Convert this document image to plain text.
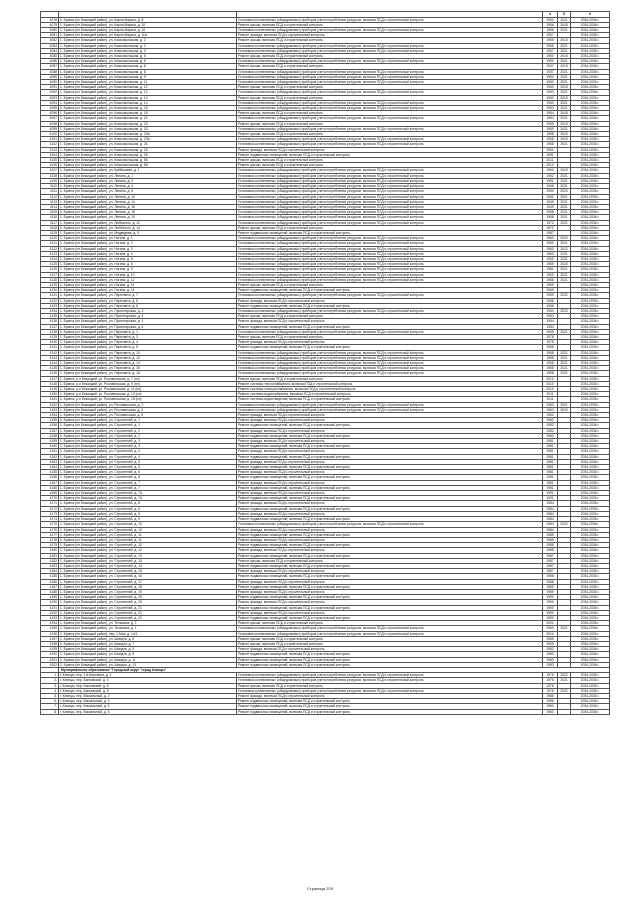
			4	5	6
4078	1. Брянск (пл Бежицкий район), ул. Карла Маркса, д. 8	Установка коллективных (общедомовых) приборов учета потребления ресурсов, включая ПСД и строительный контроль	1952	2021	2034-2036 г.
4079	1. Брянск (пл Бежицкий район), ул. Карла Маркса, д. 10	Ремонт крыши, включая ПСД и строительный контроль	1956	2015	2034-2036 г.
4080	1. Брянск (пл Бежицкий район), ул. Карла Маркса, д. 10	Установка коллективных (общедомовых) приборов учета потребления ресурсов, включая ПСД и строительный контроль	1956	2021	2034-2036 г.
4081	1. Брянск (пл Бежицкий район), ул. Карла Маркса, д. 11А	Ремонт фасада, включая ПСД и строительный контроль	1957		2034-2036 г.
4082	1. Брянск (пл Бежицкий район), ул. Комсомольская, д. 2	Ремонт крыши, включая ПСД и строительный контроль	1955	2015	2034-2036 г.
4083	1. Брянск (пл Бежицкий район), ул. Комсомольская, д. 2	Установка коллективных (общедомовых) приборов учета потребления ресурсов, включая ПСД и строительный контроль	1955	2021	2034-2036 г.
4084	1. Брянск (пл Бежицкий район), ул. Комсомольская, д. 3	Установка коллективных (общедомовых) приборов учета потребления ресурсов, включая ПСД и строительный контроль	1957	2021	2034-2036 г.
4085	1. Брянск (пл Бежицкий район), ул. Комсомольская, д. 5	Ремонт крыши, включая ПСД и строительный контроль	1950	2015	2034-2036 г.
4086	1. Брянск (пл Бежицкий район), ул. Комсомольская, д. 5	Установка коллективных (общедомовых) приборов учета потребления ресурсов, включая ПСД и строительный контроль	1950	2021	2034-2036 г.
4087	1. Брянск (пл Бежицкий район), ул. Комсомольская, д. 8	Ремонт крыши, включая ПСД и строительный контроль	1937	2015	2034-2036 г.
4088	1. Брянск (пл Бежицкий район), ул. Комсомольская, д. 8	Установка коллективных (общедомовых) приборов учета потребления ресурсов, включая ПСД и строительный контроль	1937	2021	2034-2036 г.
4089	1. Брянск (пл Бежицкий район), ул. Комсомольская, д. 9	Установка коллективных (общедомовых) приборов учета потребления ресурсов, включая ПСД и строительный контроль	1954	2021	2034-2036 г.
4090	1. Брянск (пл Бежицкий район), ул. Комсомольская, д. 11	Установка коллективных (общедомовых) приборов учета потребления ресурсов, включая ПСД и строительный контроль	1953	2021	2034-2036 г.
4091	1. Брянск (пл Бежицкий район), ул. Комсомольская, д. 12	Ремонт крыши, включая ПСД и строительный контроль	1953	2015	2034-2036 г.
4092	1. Брянск (пл Бежицкий район), ул. Комсомольская, д. 12	Установка коллективных (общедомовых) приборов учета потребления ресурсов, включая ПСД и строительный контроль	1953	2021	2034-2036 г.
4093	1. Брянск (пл Бежицкий район), ул. Комсомольская, д. 14	Ремонт крыши, включая ПСД и строительный контроль	1953	2015	2034-2036 г.
4094	1. Брянск (пл Бежицкий район), ул. Комсомольская, д. 14	Установка коллективных (общедомовых) приборов учета потребления ресурсов, включая ПСД и строительный контроль	1953	2021	2034-2036 г.
4095	1. Брянск (пл Бежицкий район), ул. Комсомольская, д. 16	Установка коллективных (общедомовых) приборов учета потребления ресурсов, включая ПСД и строительный контроль	1953	2021	2034-2036 г.
4096	1. Брянск (пл Бежицкий район), ул. Комсомольская, д. 18	Ремонт крыши, включая ПСД и строительный контроль	1954	2015	2034-2036 г.
4097	1. Брянск (пл Бежицкий район), ул. Комсомольская, д. 20	Установка коллективных (общедомовых) приборов учета потребления ресурсов, включая ПСД и строительный контроль	1954	2021	2034-2036 г.
4098	1. Брянск (пл Бежицкий район), ул. Комсомольская, д. 22	Ремонт крыши, включая ПСД и строительный контроль	1959	2015	2034-2036 г.
4099	1. Брянск (пл Бежицкий район), ул. Комсомольская, д. 23	Установка коллективных (общедомовых) приборов учета потребления ресурсов, включая ПСД и строительный контроль	1959	2021	2034-2036 г.
4100	1. Брянск (пл Бежицкий район), ул. Комсомольская, д. 23А	Ремонт крыши, включая ПСД и строительный контроль	1958	2015	2034-2036 г.
4101	1. Брянск (пл Бежицкий район), ул. Комсомольская, д. 23А	Установка коллективных (общедомовых) приборов учета потребления ресурсов, включая ПСД и строительный контроль	1958	2020	2034-2036 г.
4102	1. Брянск (пл Бежицкий район), ул. Комсомольская, д. 24	Установка коллективных (общедомовых) приборов учета потребления ресурсов, включая ПСД и строительный контроль	1958	2021	2034-2036 г.
4103	1. Брянск (пл Бежицкий район), ул. Комсомольская, д. 26	Ремонт фасада, включая ПСД и строительный контроль	1991		2034-2036 г.
4104	1. Брянск (пл Бежицкий район), ул. Комсомольская, д. 26	Ремонт подвальных помещений, включая ПСД и строительный контроль	1991		2034-2036 г.
4105	1. Брянск (пл Бежицкий район), ул. Комсомольская, д. 56	Ремонт крыши, включая ПСД и строительный контроль	2011		2034-2036 г.
4106	1. Брянск (пл Бежицкий район), ул. Комсомольская, д. 58	Ремонт крыши, включая ПСД и строительный контроль	2010		2034-2036 г.
4107	1. Брянск (пл Бежицкий район), ул. Куйбышева, д. 1	Установка коллективных (общедомовых) приборов учета потребления ресурсов, включая ПСД и строительный контроль	1962	2020	2034-2036 г.
4108	1. Брянск (пл Бежицкий район), ул. Ленина, д. 1	Установка коллективных (общедомовых) приборов учета потребления ресурсов, включая ПСД и строительный контроль	1952	2021	2034-2036 г.
4109	1. Брянск (пл Бежицкий район), ул. Ленина, д. 3	Установка коллективных (общедомовых) приборов учета потребления ресурсов, включая ПСД и строительный контроль	1951	2021	2034-2036 г.
4110	1. Брянск (пл Бежицкий район), ул. Ленина, д. 4	Установка коллективных (общедомовых) приборов учета потребления ресурсов, включая ПСД и строительный контроль	1948	2021	2034-2036 г.
4111	1. Брянск (пл Бежицкий район), ул. Ленина, д. 6	Установка коллективных (общедомовых) приборов учета потребления ресурсов, включая ПСД и строительный контроль	1950	2020	2034-2036 г.
4112	1. Брянск (пл Бежицкий район), ул. Ленина, д. 10	Установка коллективных (общедомовых) приборов учета потребления ресурсов, включая ПСД и строительный контроль	1952	2021	2034-2036 г.
4113	1. Брянск (пл Бежицкий район), ул. Ленина, д. 14	Установка коллективных (общедомовых) приборов учета потребления ресурсов, включая ПСД и строительный контроль	1949	2021	2034-2036 г.
4114	1. Брянск (пл Бежицкий район), ул. Ленина, д. 16	Установка коллективных (общедомовых) приборов учета потребления ресурсов, включая ПСД и строительный контроль	1949	2021	2034-2036 г.
4115	1. Брянск (пл Бежицкий район), ул. Ленина, д. 18	Установка коллективных (общедомовых) приборов учета потребления ресурсов, включая ПСД и строительный контроль	1958	2021	2034-2036 г.
4116	1. Брянск (пл Бежицкий район), ул. Ленина, д. 20	Установка коллективных (общедомовых) приборов учета потребления ресурсов, включая ПСД и строительный контроль	1958	2021	2034-2036 г.
4117	1. Брянск (пл Бежицкий район), ул. Любезного, д. 12	Установка коллективных (общедомовых) приборов учета потребления ресурсов, включая ПСД и строительный контроль	1972	2021	2034-2036 г.
4118	1. Брянск (пл Бежицкий район), ул. Любезного, д. 14	Ремонт крыши, включая ПСД и строительный контроль	1972		2034-2036 г.
4119	1. Брянск (пл Бежицкий район), ул. Медведева, д. 5	Ремонт подвальных помещений, включая ПСД и строительный контроль	1987		2034-2036 г.
4120	1. Брянск (пл Бежицкий район), ул. Ногина, д. 1	Установка коллективных (общедомовых) приборов учета потребления ресурсов, включая ПСД и строительный контроль	1960	2020	2034-2036 г.
4121	1. Брянск (пл Бежицкий район), ул. Ногина, д. 2	Установка коллективных (общедомовых) приборов учета потребления ресурсов, включая ПСД и строительный контроль	1960	2021	2034-2036 г.
4122	1. Брянск (пл Бежицкий район), ул. Ногина, д. 3	Установка коллективных (общедомовых) приборов учета потребления ресурсов, включая ПСД и строительный контроль	1960	2022	2034-2036 г.
4123	1. Брянск (пл Бежицкий район), ул. Ногина, д. 4	Установка коллективных (общедомовых) приборов учета потребления ресурсов, включая ПСД и строительный контроль	1960	2021	2034-2036 г.
4124	1. Брянск (пл Бежицкий район), ул. Ногина, д. 6	Установка коллективных (общедомовых) приборов учета потребления ресурсов, включая ПСД и строительный контроль	1959	2021	2034-2036 г.
4125	1. Брянск (пл Бежицкий район), ул. Ногина, д. 8	Установка коллективных (общедомовых) приборов учета потребления ресурсов, включая ПСД и строительный контроль	1959	2020	2034-2036 г.
4126	1. Брянск (пл Бежицкий район), ул. Ногина, д. 9	Установка коллективных (общедомовых) приборов учета потребления ресурсов, включая ПСД и строительный контроль	1981	2021	2034-2036 г.
4127	1. Брянск (пл Бежицкий район), ул. Ногина, д. 10	Установка коллективных (общедомовых) приборов учета потребления ресурсов, включая ПСД и строительный контроль	1965	2021	2034-2036 г.
4128	1. Брянск (пл Бежицкий район), ул. Ногина, д. 12	Установка коллективных (общедомовых) приборов учета потребления ресурсов, включая ПСД и строительный контроль	1966	2021	2034-2036 г.
4129	1. Брянск (пл Бежицкий район), ул. Ногина, д. 14	Ремонт крыши, включая ПСД и строительный контроль	1969		2034-2036 г.
4130	1. Брянск (пл Бежицкий район), ул. Ногина, д. 14	Ремонт подвальных помещений, включая ПСД и строительный контроль	1969		2034-2036 г.
4131	1. Брянск (пл Бежицкий район), ул. Пересвета, д. 7	Установка коллективных (общедомовых) приборов учета потребления ресурсов, включая ПСД и строительный контроль	1959	2022	2034-2036 г.
4132	1. Брянск (пл Бежицкий район), ул. Пересвета, д. 8	Ремонт фасада, включая ПСД и строительный контроль	1958		2034-2036 г.
4133	1. Брянск (пл Бежицкий район), ул. Пересвета, д. 8	Ремонт подвальных помещений, включая ПСД и строительный контроль	1958		2034-2036 г.
4134	1. Брянск (пл Бежицкий район), ул. Пролетарская, д. 3	Установка коллективных (общедомовых) приборов учета потребления ресурсов, включая ПСД и строительный контроль	1954	2020	2034-2036 г.
4135	1. Брянск (пл Бежицкий район), ул. Пролетарская, д. 4	Ремонт крыши, включая ПСД и строительный контроль	1954		2034-2036 г.
4136	1. Брянск (пл Бежицкий район), ул. Пролетарская, д. 4	Ремонт фасада, включая ПСД и строительный контроль	1954		2034-2036 г.
4137	1. Брянск (пл Бежицкий район), ул. Пролетарская, д. 6	Ремонт подвальных помещений, включая ПСД и строительный контроль	1954		2034-2036 г.
4138	1. Брянск (пл Бежицкий район), ул. Пересвета, д. 1	Установка коллективных (общедомовых) приборов учета потребления ресурсов, включая ПСД и строительный контроль	1959	2021	2034-2036 г.
4139	1. Брянск (пл Бежицкий район), ул. Пересвета, д. 3	Ремонт крыши, включая ПСД и строительный контроль	1978		2034-2036 г.
4140	1. Брянск (пл Бежицкий район), ул. Пересвета, д. 4	Ремонт фасада, включая ПСД и строительный контроль	1978		2034-2036 г.
4141	1. Брянск (пл Бежицкий район), ул. Пересвета, д. 5	Ремонт подвальных помещений, включая ПСД и строительный контроль	1958		2034-2036 г.
4142	1. Брянск (пл Бежицкий район), ул. Пересвета, д. 10	Установка коллективных (общедомовых) приборов учета потребления ресурсов, включая ПСД и строительный контроль	1958	2021	2034-2036 г.
4143	1. Брянск (пл Бежицкий район), ул. Пересвета, д. 12	Установка коллективных (общедомовых) приборов учета потребления ресурсов, включая ПСД и строительный контроль	1958	2021	2034-2036 г.
4144	1. Брянск (пл Бежицкий район), ул. Пересвета, д. 14	Установка коллективных (общедомовых) приборов учета потребления ресурсов, включая ПСД и строительный контроль	1958	2021	2034-2036 г.
4145	1. Брянск (пл Бежицкий район), ул. Пересвета, д. 16	Установка коллективных (общедомовых) приборов учета потребления ресурсов, включая ПСД и строительный контроль	1958	2021	2034-2036 г.
4146	1. Брянск (пл Бежицкий район), ул. Пересвета, д. 18	Установка коллективных (общедомовых) приборов учета потребления ресурсов, включая ПСД и строительный контроль	1958	2021	2034-2036 г.
4147	1. Брянск, р-н Бежицкий, ул. Рославльская, д. 7 (пл)	Ремонт крыши, включая ПСД и строительный контроль	2010		2034-2036 г.
4148	1. Брянск, р-н Бежицкий, ул. Рославльская, д. 9 (пл)	Ремонт системы теплоснабжения, включая ПСД и строительный контроль	2010		2034-2036 г.
4149	1. Брянск, р-н Бежицкий, ул. Рославльская, д. 11 (пл)	Ремонт системы электроснабжения, включая ПСД и строительный контроль	2010		2034-2036 г.
4150	1. Брянск, р-н Бежицкий, ул. Рославльская, д. 13 (пл)	Ремонт системы водоснабжения, включая ПСД и строительный контроль	2011		2034-2036 г.
4151	1. Брянск, р-н Бежицкий, ул. Рославльская, д. 15 (пл)	Ремонт системы водоотведения, включая ПСД и строительный контроль	2011		2034-2036 г.
4152	1. Брянск (пл Бежицкий район), ул. Рославльская, д. 1	Установка коллективных (общедомовых) приборов учета потребления ресурсов, включая ПСД и строительный контроль	1963	2021	2034-2036 г.
4153	1. Брянск (пл Бежицкий район), ул. Рославльская, д. 3	Установка коллективных (общедомовых) приборов учета потребления ресурсов, включая ПСД и строительный контроль	1963	2020	2034-2036 г.
4154	1. Брянск (пл Бежицкий район), ул. Рославльская, д. 5	Ремонт фасада, включая ПСД и строительный контроль	1962		2034-2036 г.
4155	1. Брянск (пл Бежицкий район), ул. Строителей, д. 1	Ремонт фасада, включая ПСД и строительный контроль	1982		2034-2036 г.
4156	1. Брянск (пл Бежицкий район), ул. Строителей, д. 1	Ремонт подвальных помещений, включая ПСД и строительный контроль	1982		2034-2036 г.
4157	1. Брянск (пл Бежицкий район), ул. Строителей, д. 2	Ремонт фасада, включая ПСД и строительный контроль	1982		2034-2036 г.
4158	1. Брянск (пл Бежицкий район), ул. Строителей, д. 2	Ремонт подвальных помещений, включая ПСД и строительный контроль	1982		2034-2036 г.
4159	1. Брянск (пл Бежицкий район), ул. Строителей, д. 3	Ремонт фасада, включая ПСД и строительный контроль	1981		2034-2036 г.
4160	1. Брянск (пл Бежицкий район), ул. Строителей, д. 3	Ремонт подвальных помещений, включая ПСД и строительный контроль	1981		2034-2036 г.
4161	1. Брянск (пл Бежицкий район), ул. Строителей, д. 4	Ремонт фасада, включая ПСД и строительный контроль	1981		2034-2036 г.
4162	1. Брянск (пл Бежицкий район), ул. Строителей, д. 4	Ремонт подвальных помещений, включая ПСД и строительный контроль	1981		2034-2036 г.
4163	1. Брянск (пл Бежицкий район), ул. Строителей, д. 5	Ремонт фасада, включая ПСД и строительный контроль	1981		2034-2036 г.
4164	1. Брянск (пл Бежицкий район), ул. Строителей, д. 5	Ремонт подвальных помещений, включая ПСД и строительный контроль	1981		2034-2036 г.
4165	1. Брянск (пл Бежицкий район), ул. Строителей, д. 6	Ремонт фасада, включая ПСД и строительный контроль	1981		2034-2036 г.
4166	1. Брянск (пл Бежицкий район), ул. Строителей, д. 6	Ремонт подвальных помещений, включая ПСД и строительный контроль	1981		2034-2036 г.
4167	1. Брянск (пл Бежицкий район), ул. Строителей, д. 7	Ремонт фасада, включая ПСД и строительный контроль	1981		2034-2036 г.
4168	1. Брянск (пл Бежицкий район), ул. Строителей, д. 7	Ремонт подвальных помещений, включая ПСД и строительный контроль	1981		2034-2036 г.
4169	1. Брянск (пл Бежицкий район), ул. Строителей, д. 7А	Ремонт фасада, включая ПСД и строительный контроль	1991		2034-2036 г.
4170	1. Брянск (пл Бежицкий район), ул. Строителей, д. 7А	Ремонт подвальных помещений, включая ПСД и строительный контроль	1991		2034-2036 г.
4171	1. Брянск (пл Бежицкий район), ул. Строителей, д. 8	Ремонт фасада, включая ПСД и строительный контроль	1984		2034-2036 г.
4172	1. Брянск (пл Бежицкий район), ул. Строителей, д. 8	Ремонт подвальных помещений, включая ПСД и строительный контроль	1984		2034-2036 г.
4173	1. Брянск (пл Бежицкий район), ул. Строителей, д. 9	Ремонт фасада, включая ПСД и строительный контроль	1984		2034-2036 г.
4174	1. Брянск (пл Бежицкий район), ул. Строителей, д. 9	Ремонт подвальных помещений, включая ПСД и строительный контроль	1984		2034-2036 г.
4175	1. Брянск (пл Бежицкий район), ул. Строителей, д. 10	Установка коллективных (общедомовых) приборов учета потребления ресурсов, включая ПСД и строительный контроль	1984	2022	2034-2036 г.
4176	1. Брянск (пл Бежицкий район), ул. Строителей, д. 10	Ремонт фасада, включая ПСД и строительный контроль	1984		2034-2036 г.
4177	1. Брянск (пл Бежицкий район), ул. Строителей, д. 11	Ремонт подвальных помещений, включая ПСД и строительный контроль	1985		2034-2036 г.
4178	1. Брянск (пл Бежицкий район), ул. Строителей, д. 11	Ремонт фасада, включая ПСД и строительный контроль	1985		2034-2036 г.
4179	1. Брянск (пл Бежицкий район), ул. Строителей, д. 12	Ремонт подвальных помещений, включая ПСД и строительный контроль	1985		2034-2036 г.
4180	1. Брянск (пл Бежицкий район), ул. Строителей, д. 12	Ремонт фасада, включая ПСД и строительный контроль	1985		2034-2036 г.
4181	1. Брянск (пл Бежицкий район), ул. Строителей, д. 13	Ремонт подвальных помещений, включая ПСД и строительный контроль	1987		2034-2036 г.
4182	1. Брянск (пл Бежицкий район), ул. Строителей, д. 13	Ремонт крыши, включая ПСД и строительный контроль	1987		2034-2036 г.
4183	1. Брянск (пл Бежицкий район), ул. Строителей, д. 14	Ремонт подвальных помещений, включая ПСД и строительный контроль	1987		2034-2036 г.
4184	1. Брянск (пл Бежицкий район), ул. Строителей, д. 15	Ремонт фасада, включая ПСД и строительный контроль	1987		2034-2036 г.
4185	1. Брянск (пл Бежицкий район), ул. Строителей, д. 16	Ремонт подвальных помещений, включая ПСД и строительный контроль	1988		2034-2036 г.
4186	1. Брянск (пл Бежицкий район), ул. Строителей, д. 17	Ремонт фасада, включая ПСД и строительный контроль	1988		2034-2036 г.
4187	1. Брянск (пл Бежицкий район), ул. Строителей, д. 18	Ремонт подвальных помещений, включая ПСД и строительный контроль	1989		2034-2036 г.
4188	1. Брянск (пл Бежицкий район), ул. Строителей, д. 19	Ремонт фасада, включая ПСД и строительный контроль	1989		2034-2036 г.
4189	1. Брянск (пл Бежицкий район), ул. Строителей, д. 20	Ремонт подвальных помещений, включая ПСД и строительный контроль	1990		2034-2036 г.
4190	1. Брянск (пл Бежицкий район), ул. Строителей, д. 20	Ремонт фасада, включая ПСД и строительный контроль	1990		2034-2036 г.
4191	1. Брянск (пл Бежицкий район), ул. Строителей, д. 21	Ремонт подвальных помещений, включая ПСД и строительный контроль	1990		2034-2036 г.
4192	1. Брянск (пл Бежицкий район), ул. Строителей, д. 21	Ремонт фасада, включая ПСД и строительный контроль	1990		2034-2036 г.
4193	1. Брянск (пл Бежицкий район), ул. Строителей, д. 22	Ремонт подвальных помещений, включая ПСД и строительный контроль	1990		2034-2036 г.
4194	1. Брянск (пл Бежицкий район), ул. Тельмана, д. 1	Ремонт крыши, включая ПСД и строительный контроль	2001		2034-2036 г.
4195	1. Брянск (пл Бежицкий район), ул. Тельмана, д. 1	Установка коллективных (общедомовых) приборов учета потребления ресурсов, включая ПСД и строительный контроль	1960	2021	2034-2036 г.
4196	1. Брянск (пл Бежицкий район), пер. 1 Мая, д. 14/1	Установка коллективных (общедомовых) приборов учета потребления ресурсов, включая ПСД и строительный контроль	2010		2034-2036 г.
4197	1. Брянск (пл Бежицкий район), ул. Шмидта, д. 5	Ремонт крыши, включая ПСД и строительный контроль	1955		2034-2036 г.
4198	1. Брянск (пл Бежицкий район), ул. Шмидта, д. 7	Ремонт крыши, включая ПСД и строительный контроль	1955		2034-2036 г.
4199	1. Брянск (пл Бежицкий район), ул. Шмидта, д. 9	Ремонт фасада, включая ПСД и строительный контроль	1983		2034-2036 г.
4200	1. Брянск (пл Бежицкий район), ул. Шмидта, д. 9	Ремонт подвальных помещений, включая ПСД и строительный контроль	1983		2034-2036 г.
4201	1. Брянск (пл Бежицкий район), ул. Шмидта, д. 11	Ремонт подвальных помещений, включая ПСД и строительный контроль	1983		2034-2036 г.
4202	1. Брянск (пл Бежицкий район), ул. Шмидта, д. 13	Ремонт подвальных помещений, включая ПСД и строительный контроль	1983		2034-2036 г.
	Муниципальное образование "Городской округ "город Клинцы"				
1.	г. Клинцы, пер. 1-й Калинина, д. 1	Установка коллективных (общедомовых) приборов учета потребления ресурсов, включая ПСД и строительный контроль	1976	2022	2034-2036 г.
2.	г. Клинцы, пер. Банковский, д. 4	Установка коллективных (общедомовых) приборов учета потребления ресурсов, включая ПСД и строительный контроль	1976	2021	2034-2036 г.
3.	г. Клинцы, пер. Банковский, д. 8	Ремонт крыши, включая ПСД и строительный контроль	1976		2034-2036 г.
4.	г. Клинцы, пер. Банковский, д. 8	Установка коллективных (общедомовых) приборов учета потребления ресурсов, включая ПСД и строительный контроль	1976	2022	2034-2036 г.
5.	г. Клинцы, пер. Вокзальный, д. 2	Ремонт фасада, включая ПСД и строительный контроль	1986		2034-2036 г.
6.	г. Клинцы, пер. Вокзальный, д. 2	Ремонт подвальных помещений, включая ПСД и строительный контроль	1986		2034-2036 г.
7.	г. Клинцы, пер. Вокзальный, д. 3	Ремонт подвальных помещений, включая ПСД и строительный контроль	1983		2034-2036 г.
8.	г. Клинцы, пер. Вокзальный, д. 5	Ремонт подвальных помещений, включая ПСД и строительный контроль	1983		2034-2036 г.
Страница 229
